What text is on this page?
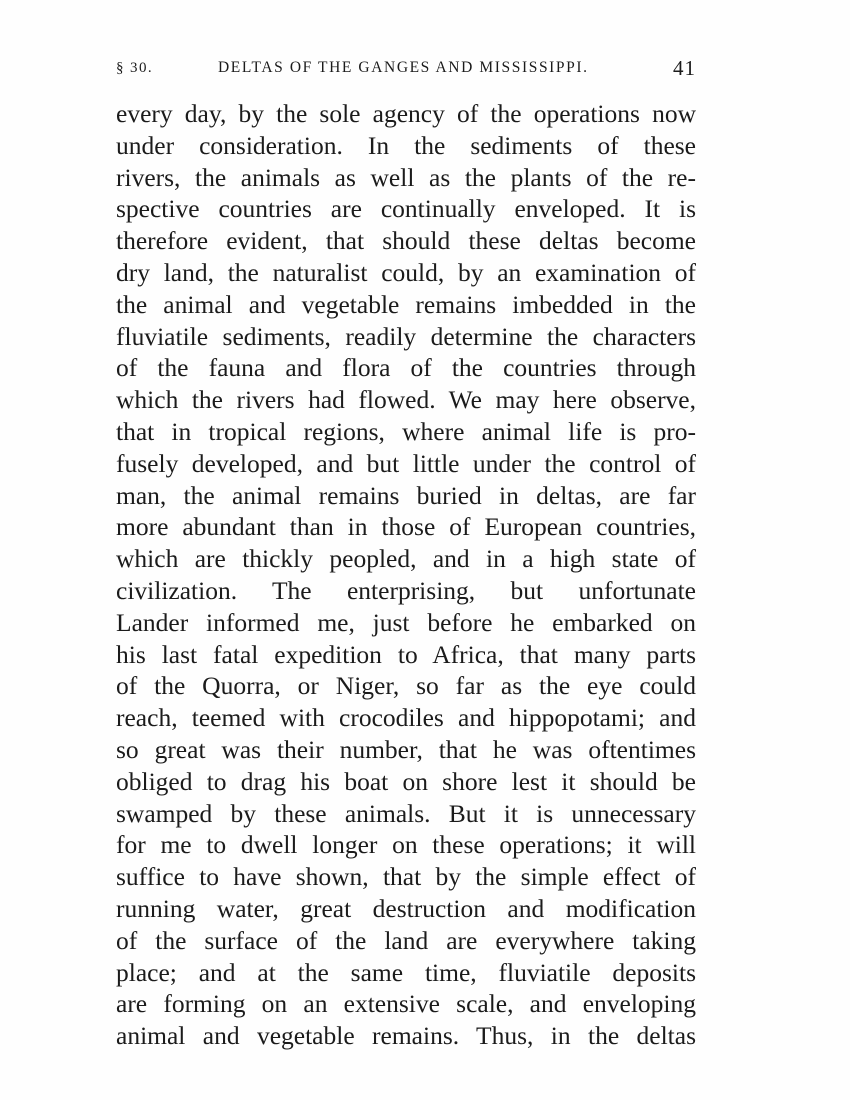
§ 30.	DELTAS OF THE GANGES AND MISSISSIPPI.	41
every day, by the sole agency of the operations now
under consideration. In the sediments of these
rivers, the animals as well as the plants of the re-
spective countries are continually enveloped. It is
therefore evident, that should these deltas become
dry land, the naturalist could, by an examination of
the animal and vegetable remains imbedded in the
fluviatile sediments, readily determine the characters
of the fauna and flora of the countries through
which the rivers had flowed. We may here observe,
that in tropical regions, where animal life is pro-
fusely developed, and but little under the control of
man, the animal remains buried in deltas, are far
more abundant than in those of European countries,
which are thickly peopled, and in a high state of
civilization. The enterprising, but unfortunate
Lander informed me, just before he embarked on
his last fatal expedition to Africa, that many parts
of the Quorra, or Niger, so far as the eye could
reach, teemed with crocodiles and hippopotami; and
so great was their number, that he was oftentimes
obliged to drag his boat on shore lest it should be
swamped by these animals. But it is unnecessary
for me to dwell longer on these operations; it will
suffice to have shown, that by the simple effect of
running water, great destruction and modification
of the surface of the land are everywhere taking
place; and at the same time, fluviatile deposits
are forming on an extensive scale, and enveloping
animal and vegetable remains. Thus, in the deltas
